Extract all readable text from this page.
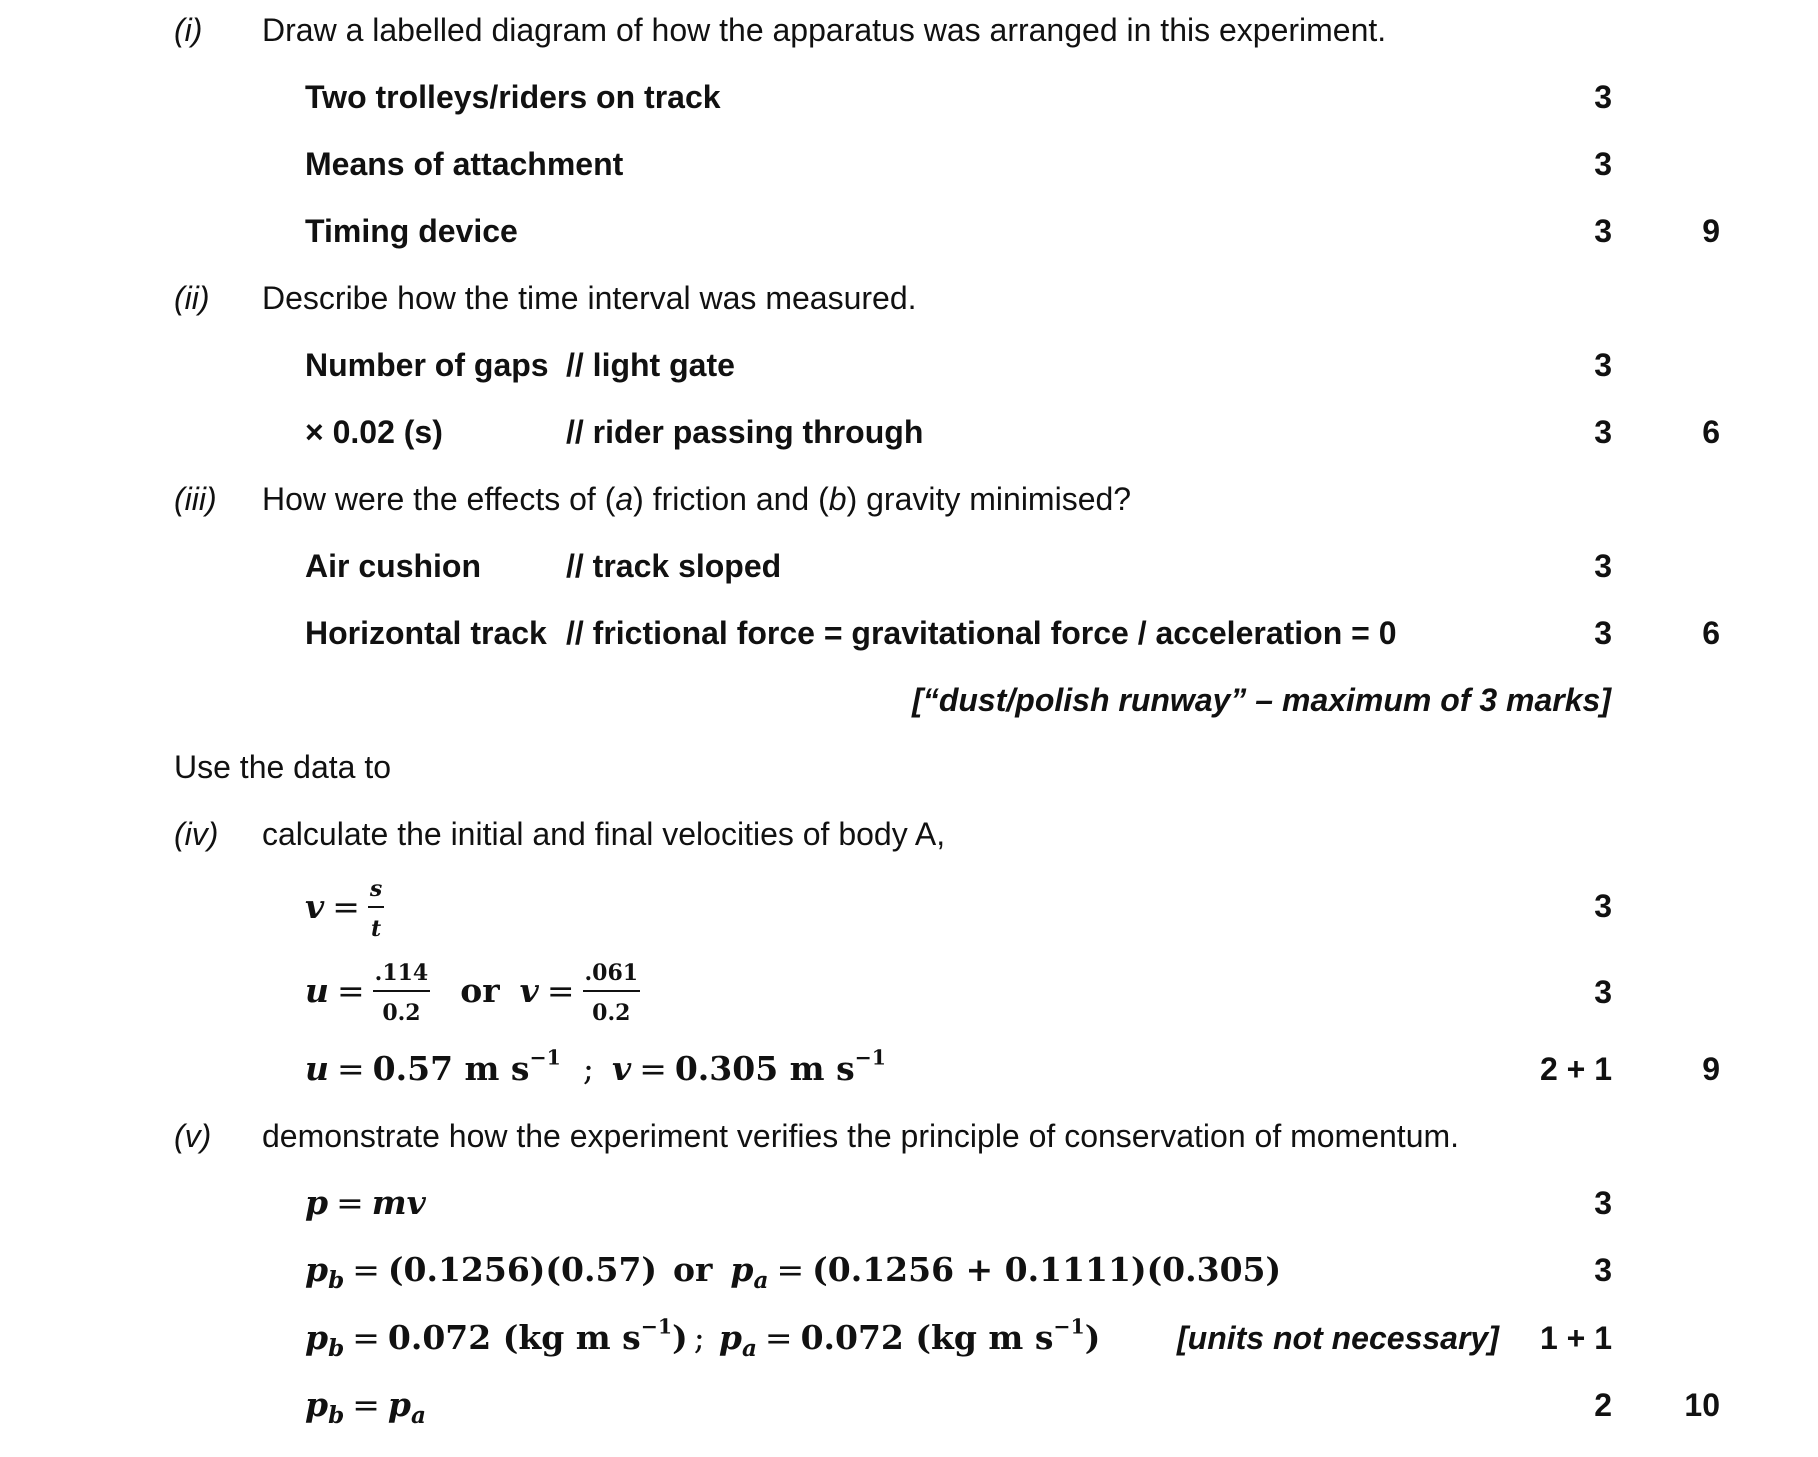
(i) Draw a labelled diagram of how the apparatus was arranged in this experiment.
Two trolleys/riders on track	3
Means of attachment	3
Timing device	3	9
(ii) Describe how the time interval was measured.
Number of gaps // light gate	3
× 0.02 (s)	// rider passing through	3	6
(iii) How were the effects of (a) friction and (b) gravity minimised?
Air cushion	// track sloped	3
Horizontal track // frictional force = gravitational force / acceleration = 0	3	6
[“dust/polish runway” – maximum of 3 marks]
Use the data to
(iv) calculate the initial and final velocities of body A,
$v = \frac{s}{t}$	3
$u = \frac{.114}{0.2}$ or $v = \frac{.061}{0.2}$	3
u = 0.57 m $s^{-1}$ ; v = 0.305 m $s^{-1}$	2 + 1	9
(v) demonstrate how the experiment verifies the principle of conservation of momentum.
p = mv	3
$p_b = (0.1256)(0.57)$ or $p_a = (0.1256 + 0.1111)(0.305)$	3
$p_b = 0.072$ (kg m $s^{-1}$) ; $p_a = 0.072$ (kg m $s^{-1}$) [units not necessary]	1 + 1
$p_b = p_a$	2	10
